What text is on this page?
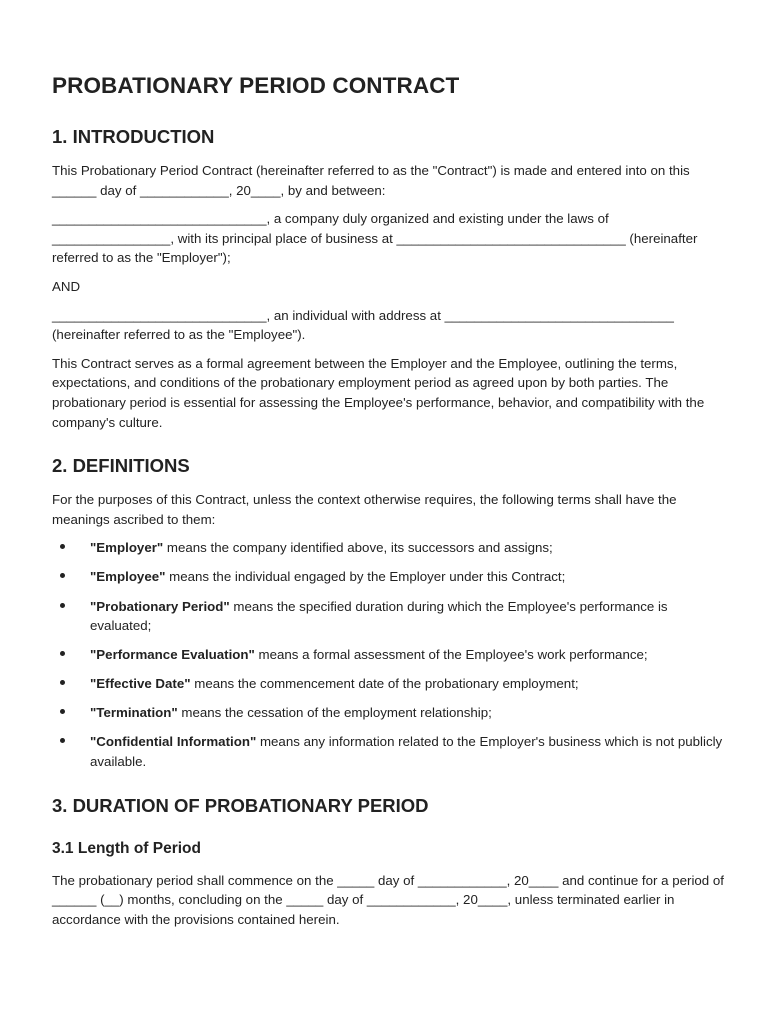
PROBATIONARY PERIOD CONTRACT
1. INTRODUCTION

This Probationary Period Contract (hereinafter referred to as the "Contract") is made and entered into on this ______ day of ____________, 20____, by and between:

_____________________________, a company duly organized and existing under the laws of ________________, with its principal place of business at _______________________________ (hereinafter referred to as the "Employer");

AND

_____________________________, an individual with address at _______________________________ (hereinafter referred to as the "Employee").

This Contract serves as a formal agreement between the Employer and the Employee, outlining the terms, expectations, and conditions of the probationary employment period as agreed upon by both parties. The probationary period is essential for assessing the Employee's performance, behavior, and compatibility with the company's culture.

2. DEFINITIONS

For the purposes of this Contract, unless the context otherwise requires, the following terms shall have the meanings ascribed to them:

"Employer" means the company identified above, its successors and assigns;
"Employee" means the individual engaged by the Employer under this Contract;
"Probationary Period" means the specified duration during which the Employee's performance is evaluated;
"Performance Evaluation" means a formal assessment of the Employee's work performance;
"Effective Date" means the commencement date of the probationary employment;
"Termination" means the cessation of the employment relationship;
"Confidential Information" means any information related to the Employer's business which is not publicly available.
3. DURATION OF PROBATIONARY PERIOD
3.1 Length of Period

The probationary period shall commence on the _____ day of ____________, 20____ and continue for a period of ______ (__) months, concluding on the _____ day of ____________, 20____, unless terminated earlier in accordance with the provisions contained herein.
